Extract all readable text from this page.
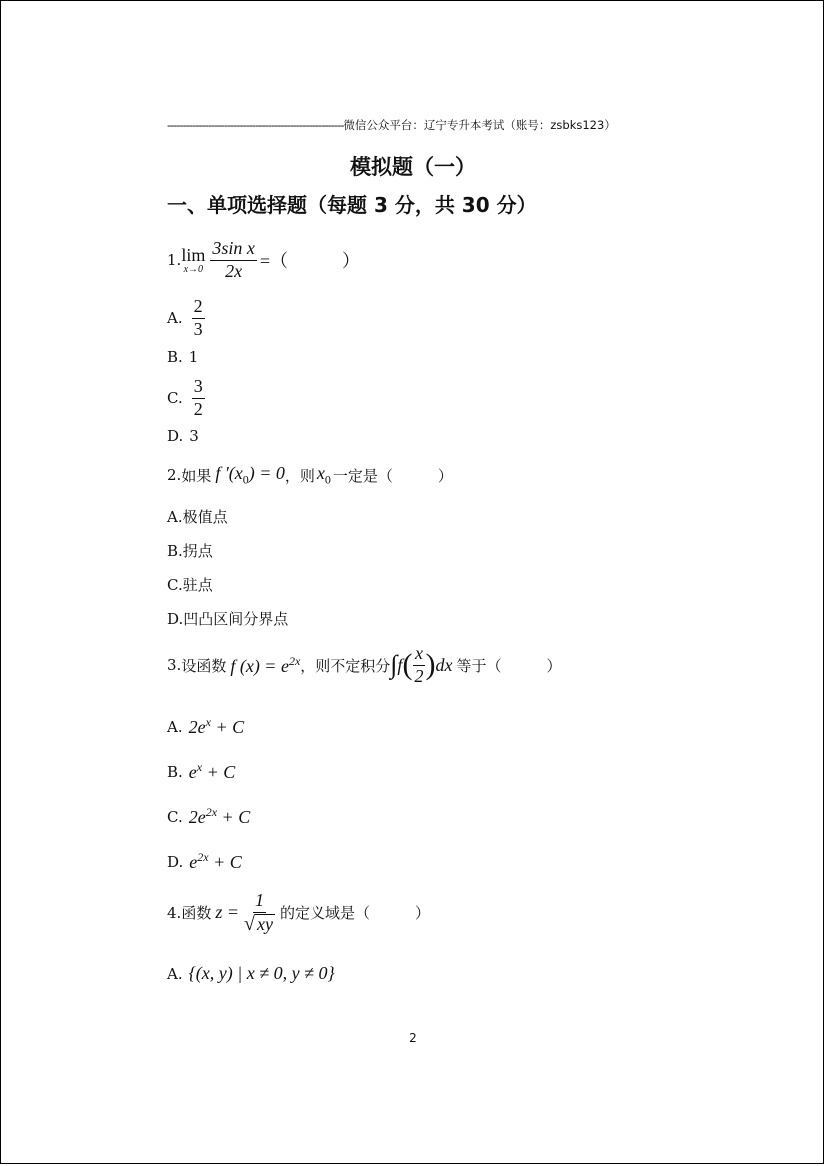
--------------------------------------------------------微信公众平台：辽宁专升本考试（账号：zsbks123）
模拟题（一）
一、单项选择题（每题 3 分，共 30 分）
1. lim
$x\to 0 \frac{\text{3sin x}}{2x}$ =（　　　）
A. $\frac{2}{3}$
B. 1
C. $\frac{3}{2}$
D. 3
2. 如果 f $'(x_0) = 0$ ，则 $x_0$ 一定是（　　　）
A. 极值点
B. 拐点
C. 驻点
D. 凹凸区间分界点
3. 设函数 f $(x) = e^{2x}$ ，则不定积分 ∫ f ( $\frac{x}{2}$ ) dx 等于（　　　）
A. $2e^x + C$
B. $e^x + C$
C. $2e^{2x} + C$
D. $e^{2x} + C$
4. 函数 $z = \frac{1}{√ xy}$ 的定义域是（　　　）
A. {(x, y) | x ≠ 0, y ≠ 0}
2
